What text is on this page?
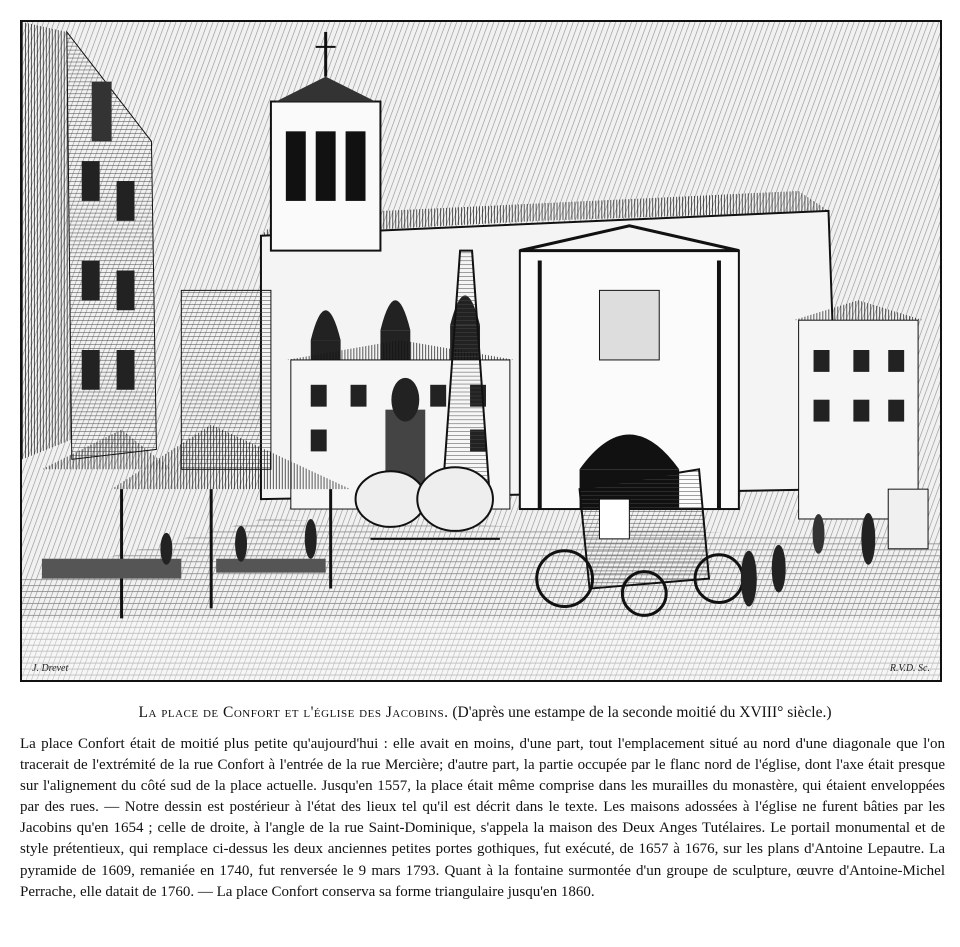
J. Drevet	R.V.D. Sc.
La place de Confort et l'église des Jacobins. (D'après une estampe de la seconde moitié du XVIII° siècle.)
La place Confort était de moitié plus petite qu'aujourd'hui : elle avait en moins, d'une part, tout l'emplacement situé au nord d'une diagonale que l'on tracerait de l'extrémité de la rue Confort à l'entrée de la rue Mercière; d'autre part, la partie occupée par le flanc nord de l'église, dont l'axe était presque sur l'alignement du côté sud de la place actuelle. Jusqu'en 1557, la place était même comprise dans les murailles du monastère, qui étaient enveloppées par des rues. — Notre dessin est postérieur à l'état des lieux tel qu'il est décrit dans le texte. Les maisons adossées à l'église ne furent bâties par les Jacobins qu'en 1654 ; celle de droite, à l'angle de la rue Saint-Dominique, s'appela la maison des Deux Anges Tutélaires. Le portail monumental et de style prétentieux, qui remplace ci-dessus les deux anciennes petites portes gothiques, fut exécuté, de 1657 à 1676, sur les plans d'Antoine Lepautre. La pyramide de 1609, remaniée en 1740, fut renversée le 9 mars 1793. Quant à la fontaine surmontée d'un groupe de sculpture, œuvre d'Antoine-Michel Perrache, elle datait de 1760. — La place Confort conserva sa forme triangulaire jusqu'en 1860.
